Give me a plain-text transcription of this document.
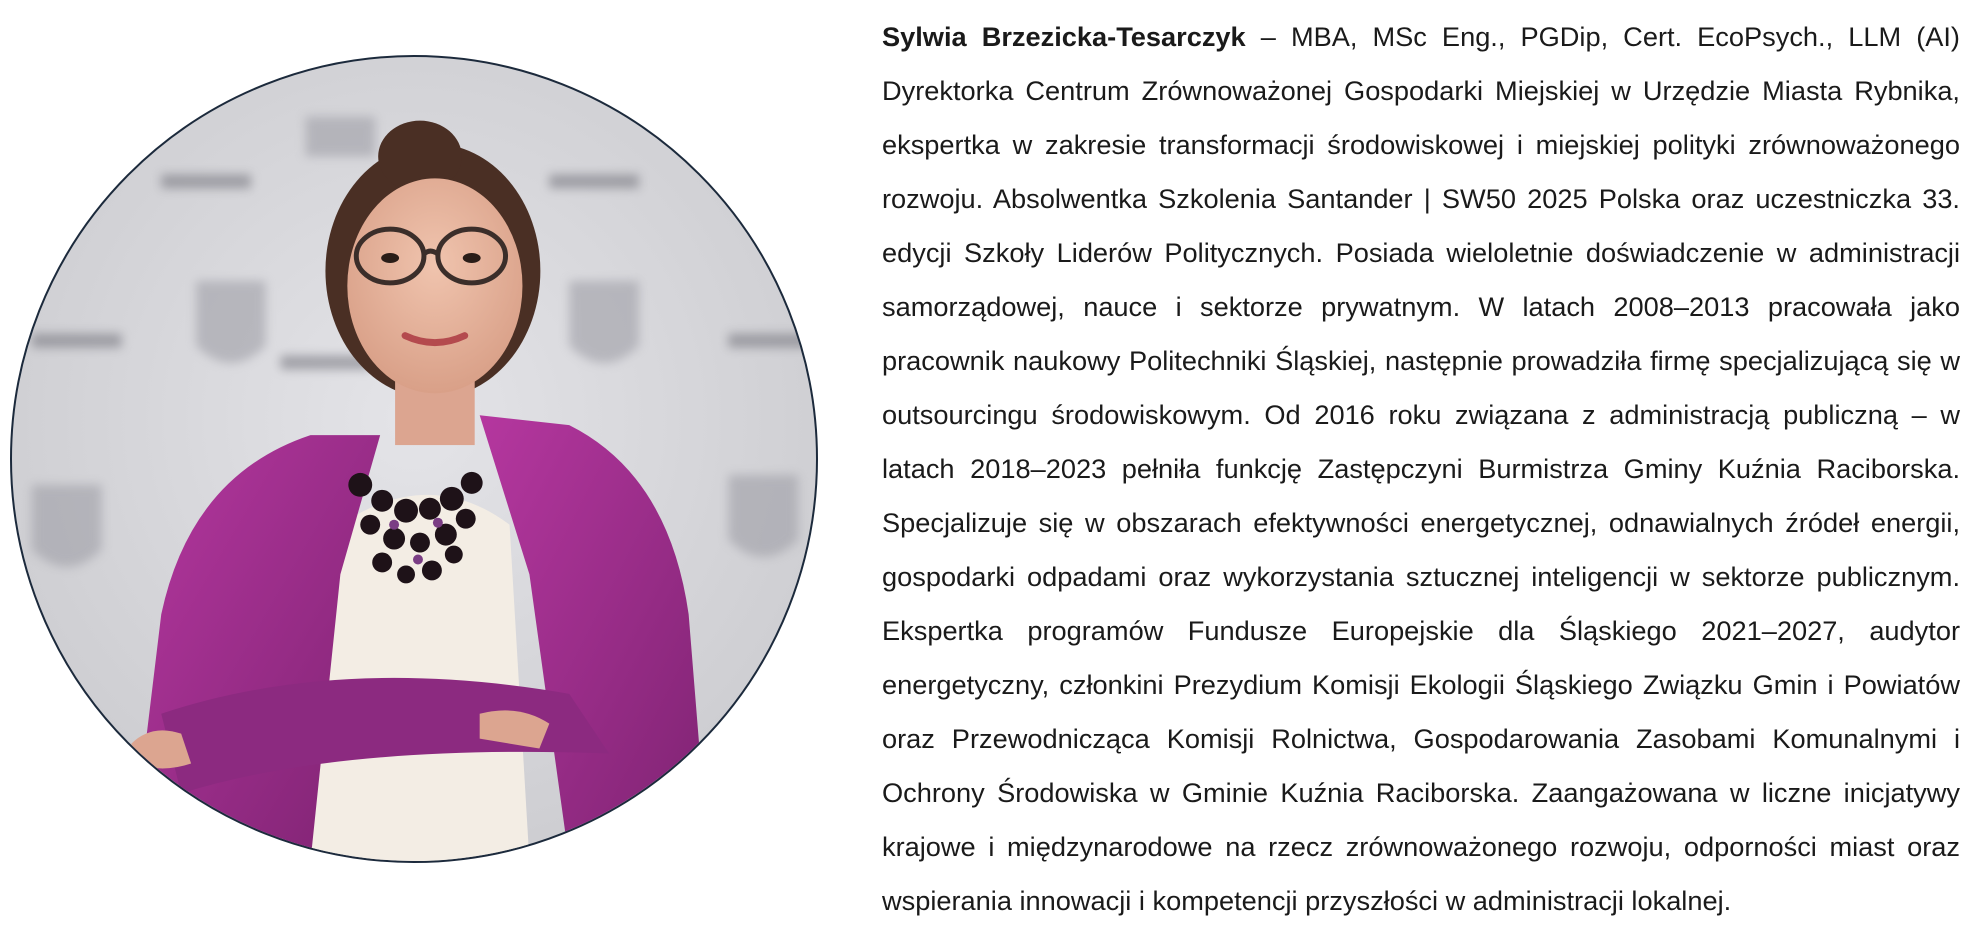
Sylwia Brzezicka-Tesarczyk – MBA, MSc Eng., PGDip, Cert. EcoPsych., LLM (AI) Dyrektorka Centrum Zrównoważonej Gospodarki Miejskiej w Urzędzie Miasta Rybnika, ekspertka w zakresie transformacji środowiskowej i miejskiej polityki zrównoważonego rozwoju. Absolwentka Szkolenia Santander | SW50 2025 Polska oraz uczestniczka 33. edycji Szkoły Liderów Politycznych. Posiada wieloletnie doświadczenie w administracji samorządowej, nauce i sektorze prywatnym. W latach 2008–2013 pracowała jako pracownik naukowy Politechniki Śląskiej, następnie prowadziła firmę specjalizującą się w outsourcingu środowiskowym. Od 2016 roku związana z administracją publiczną – w latach 2018–2023 pełniła funkcję Zastępczyni Burmistrza Gminy Kuźnia Raciborska. Specjalizuje się w obszarach efektywności energetycznej, odnawialnych źródeł energii, gospodarki odpadami oraz wykorzystania sztucznej inteligencji w sektorze publicznym. Ekspertka programów Fundusze Europejskie dla Śląskiego 2021–2027, audytor energetyczny, członkini Prezydium Komisji Ekologii Śląskiego Związku Gmin i Powiatów oraz Przewodnicząca Komisji Rolnictwa, Gospodarowania Zasobami Komunalnymi i Ochrony Środowiska w Gminie Kuźnia Raciborska. Zaangażowana w liczne inicjatywy krajowe i międzynarodowe na rzecz zrównoważonego rozwoju, odporności miast oraz wspierania innowacji i kompetencji przyszłości w administracji lokalnej.
